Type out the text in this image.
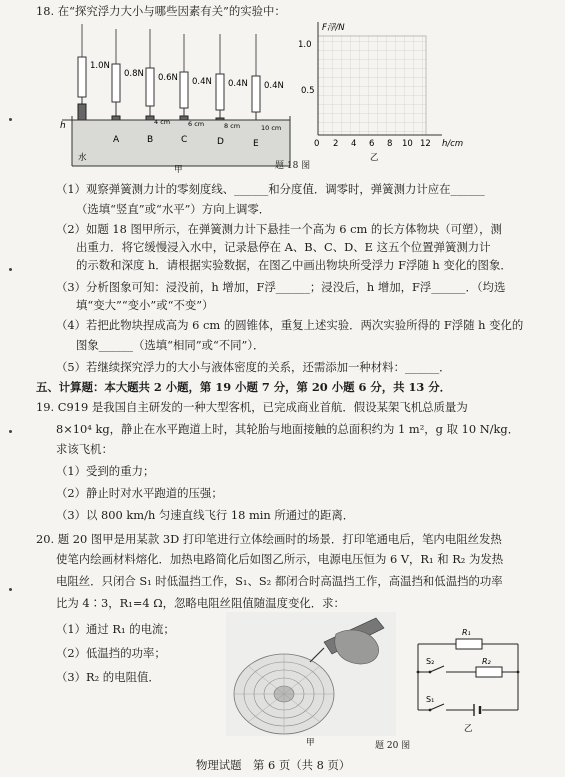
18. 在“探究浮力大小与哪些因素有关”的实验中：
1.0N
0.8N 0.6N 0.4N 0.4N 0.4N
h
水
A	B	C	D	E
4 cm	6 cm	8 cm	10 cm
甲
F浮/N
1.0
0.5
0 2 4 6 8 10 12 h/cm
乙
题 18 图
（1）观察弹簧测力计的零刻度线、______和分度值．调零时，弹簧测力计应在______
（选填“竖直”或“水平”）方向上调零．
（2）如题 18 图甲所示，在弹簧测力计下悬挂一个高为 6 cm 的长方体物块（可塑），测
出重力．将它缓慢浸入水中，记录悬停在 A、B、C、D、E 这五个位置弹簧测力计
的示数和深度 h．请根据实验数据，在图乙中画出物块所受浮力 F浮随 h 变化的图象．
（3）分析图象可知：浸没前，h 增加，F浮______；浸没后，h 增加，F浮______．（均选
填“变大”“变小”或“不变”）
（4）若把此物块捏成高为 6 cm 的圆锥体，重复上述实验．两次实验所得的 F浮随 h 变化的
图象______（选填“相同”或“不同”）．
（5）若继续探究浮力的大小与液体密度的关系，还需添加一种材料：______．
五、计算题：本大题共 2 小题，第 19 小题 7 分，第 20 小题 6 分，共 13 分．
19. C919 是我国自主研发的一种大型客机，已完成商业首航．假设某架飞机总质量为
8×10⁴ kg，静止在水平跑道上时，其轮胎与地面接触的总面积约为 1 m²，g 取 10 N/kg．
求该飞机：
（1）受到的重力；
（2）静止时对水平跑道的压强；
（3）以 800 km/h 匀速直线飞行 18 min 所通过的距离．
20. 题 20 图甲是用某款 3D 打印笔进行立体绘画时的场景．打印笔通电后，笔内电阻丝发热
使笔内绘画材料熔化．加热电路简化后如图乙所示，电源电压恒为 6 V，R₁ 和 R₂ 为发热
电阻丝．只闭合 S₁ 时低温挡工作，S₁、S₂ 都闭合时高温挡工作，高温挡和低温挡的功率
比为 4∶3，R₁=4 Ω，忽略电阻丝阻值随温度变化．求：
（1）通过 R₁ 的电流；
（2）低温挡的功率；
（3）R₂ 的电阻值．
甲
R₁
R₂
S₂
S₁
乙
题 20 图
物理试题　第 6 页（共 8 页）
